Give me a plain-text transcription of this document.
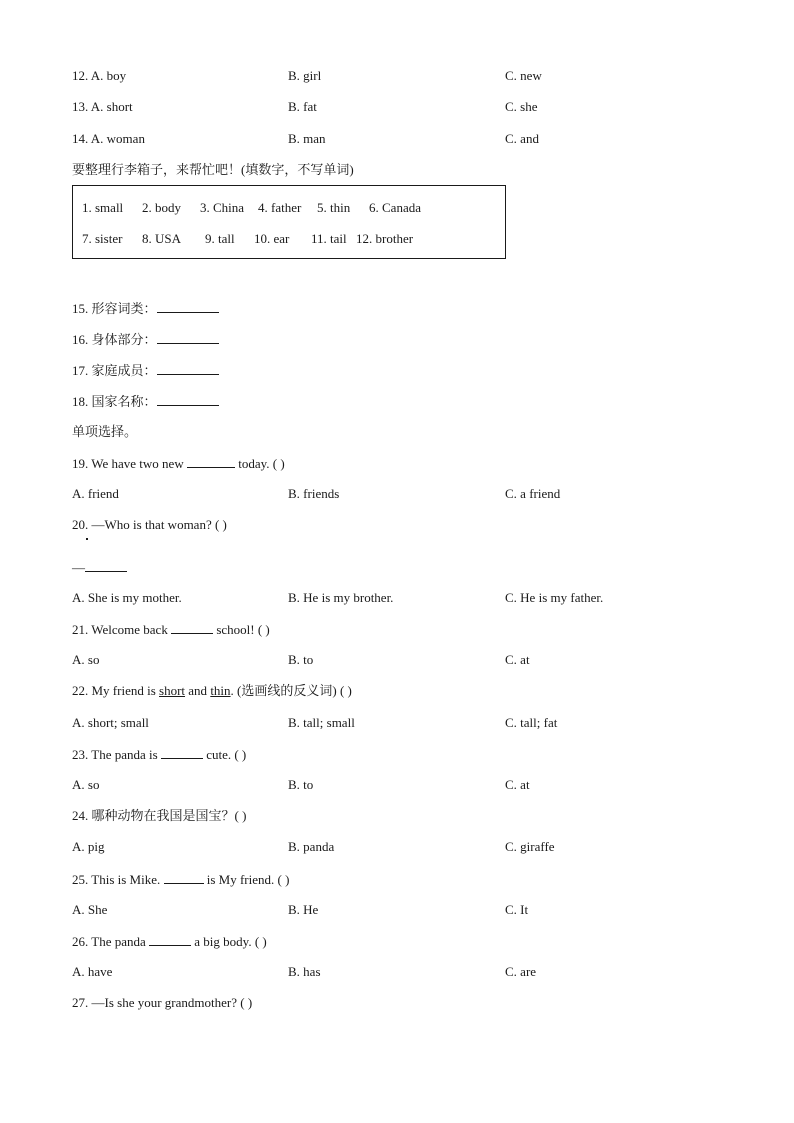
12. A. boy	B. girl	C. new
13. A. short	B. fat	C. she
14. A. woman	B. man	C. and
要整理行李箱子，来帮忙吧！(填数字，不写单词)
1. small 2. body 3. China 4. father 5. thin 6. Canada
7. sister 8. USA 9. tall 10. ear 11. tail 12. brother
15. 形容词类：
16. 身体部分：
17. 家庭成员：
18. 国家名称：
单项选择。
19. We have two new	today. ( )
A. friend	B. friends	C. a friend
20. —Who is that woman? ( )
—
A. She is my mother.	B. He is my brother.	C. He is my father.
21. Welcome back	school! ( )
A. so	B. to	C. at
22. My friend is short and thin. (选画线的反义词) ( )
A. short; small	B. tall; small	C. tall; fat
23. The panda is	cute. ( )
A. so	B. to	C. at
24. 哪种动物在我国是国宝？( )
A. pig	B. panda	C. giraffe
25. This is Mike.	is My friend. ( )
A. She	B. He	C. It
26. The panda	a big body. ( )
A. have	B. has	C. are
27. —Is she your grandmother? ( )
